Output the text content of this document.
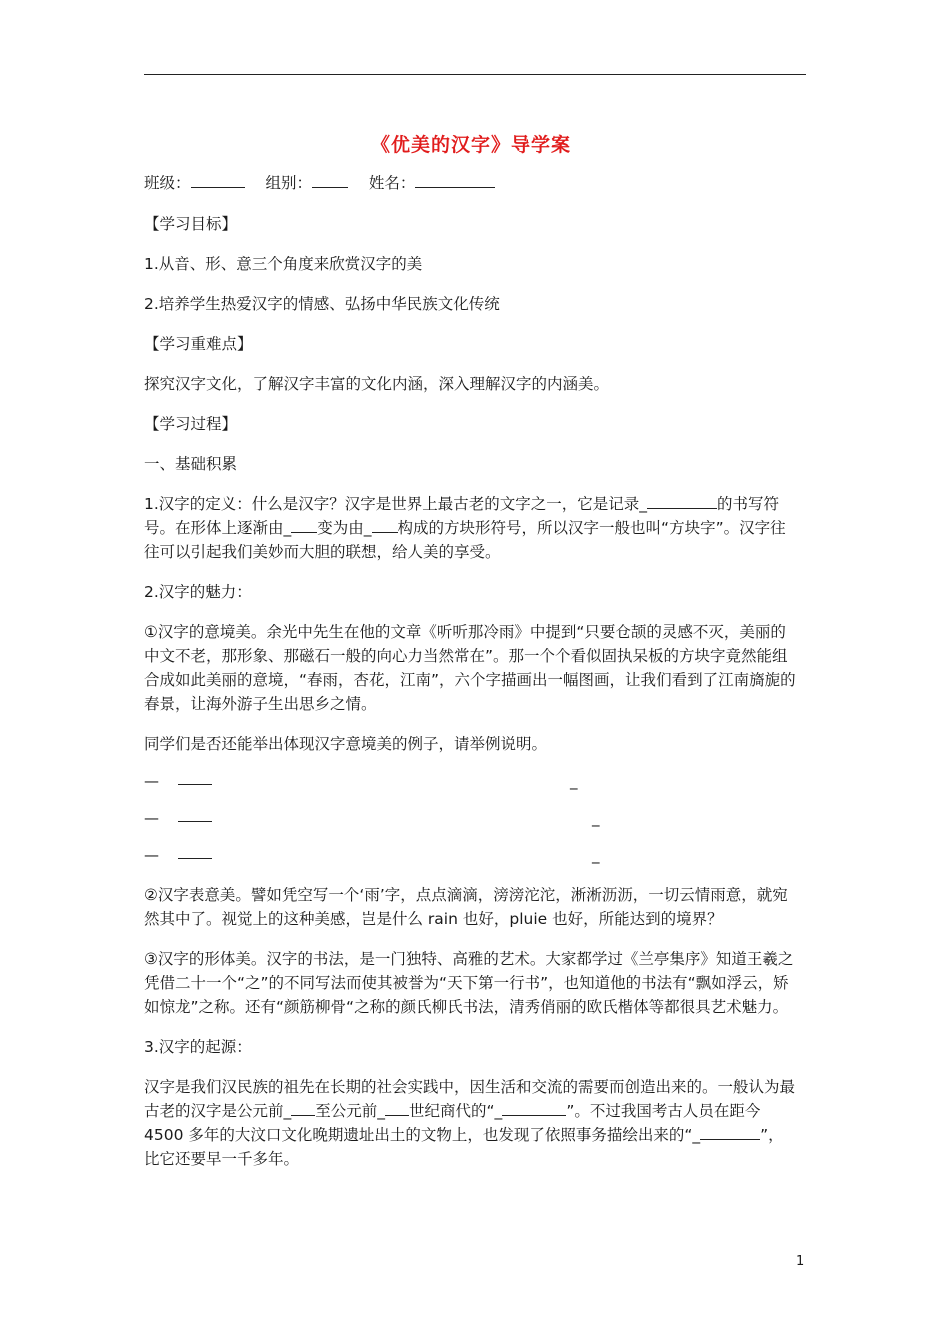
《优美的汉字》导学案

班级：	组别：	姓名：

【学习目标】

1.从音、形、意三个角度来欣赏汉字的美

2.培养学生热爱汉字的情感、弘扬中华民族文化传统

【学习重难点】

探究汉字文化，了解汉字丰富的文化内涵，深入理解汉字的内涵美。

【学习过程】

一、基础积累

1.汉字的定义：什么是汉字？汉字是世界上最古老的文字之一，它是记录_	的书写符号。在形体上逐渐由_ 变为由_ 构成的方块形符号，所以汉字一般也叫“方块字”。汉字往往可以引起我们美妙而大胆的联想，给人美的享受。

2.汉字的魅力：

①汉字的意境美。余光中先生在他的文章《听听那冷雨》中提到“只要仓颉的灵感不灭，美丽的中文不老，那形象、那磁石一般的向心力当然常在”。那一个个看似固执呆板的方块字竟然能组合成如此美丽的意境，“春雨，杏花，江南”，六个字描画出一幅图画，让我们看到了江南旖旎的春景，让海外游子生出思乡之情。

同学们是否还能举出体现汉字意境美的例子，请举例说明。

—	_
—	_
—	_

②汉字表意美。譬如凭空写一个‘雨’字，点点滴滴，滂滂沱沱，淅淅沥沥，一切云情雨意，就宛然其中了。视觉上的这种美感，岂是什么 rain 也好，pluie 也好，所能达到的境界？

③汉字的形体美。汉字的书法，是一门独特、高雅的艺术。大家都学过《兰亭集序》知道王羲之凭借二十一个“之”的不同写法而使其被誉为“天下第一行书”，也知道他的书法有“飘如浮云，矫如惊龙”之称。还有“颜筋柳骨“之称的颜氏柳氏书法，清秀俏丽的欧氏楷体等都很具艺术魅力。

3.汉字的起源：

汉字是我们汉民族的祖先在长期的社会实践中，因生活和交流的需要而创造出来的。一般认为最古老的汉字是公元前_ 至公元前_ 世纪商代的“_	”。不过我国考古人员在距今 4500 多年的大汶口文化晚期遗址出土的文物上，也发现了依照事务描绘出来的“_	”，比它还要早一千多年。

1
